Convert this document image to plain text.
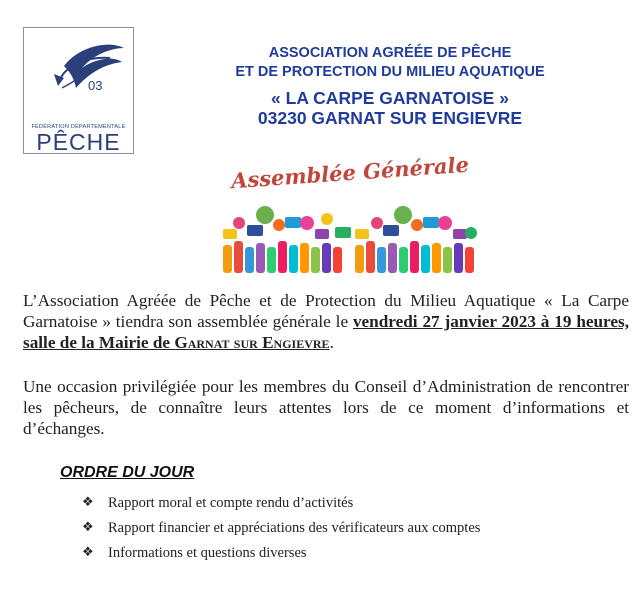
03
FÉDÉRATION DÉPARTEMENTALE
PÊCHE
ASSOCIATION AGRÉÉE DE PÊCHE
ET DE PROTECTION DU MILIEU AQUATIQUE
« LA CARPE GARNATOISE »
03230 GARNAT SUR ENGIEVRE
Assemblée Générale
L’Association Agréée de Pêche et de Protection du Milieu Aquatique « La Carpe Garnatoise » tiendra son assemblée générale le vendredi 27 janvier 2023 à 19 heures, salle de la Mairie de Garnat sur Engievre.
Une occasion privilégiée pour les membres du Conseil d’Administration de rencontrer les pêcheurs, de connaître leurs attentes lors de ce moment d’informations et d’échanges.
ORDRE DU JOUR
❖ Rapport moral et compte rendu d’activités
❖ Rapport financier et appréciations des vérificateurs aux comptes
❖ Informations et questions diverses
